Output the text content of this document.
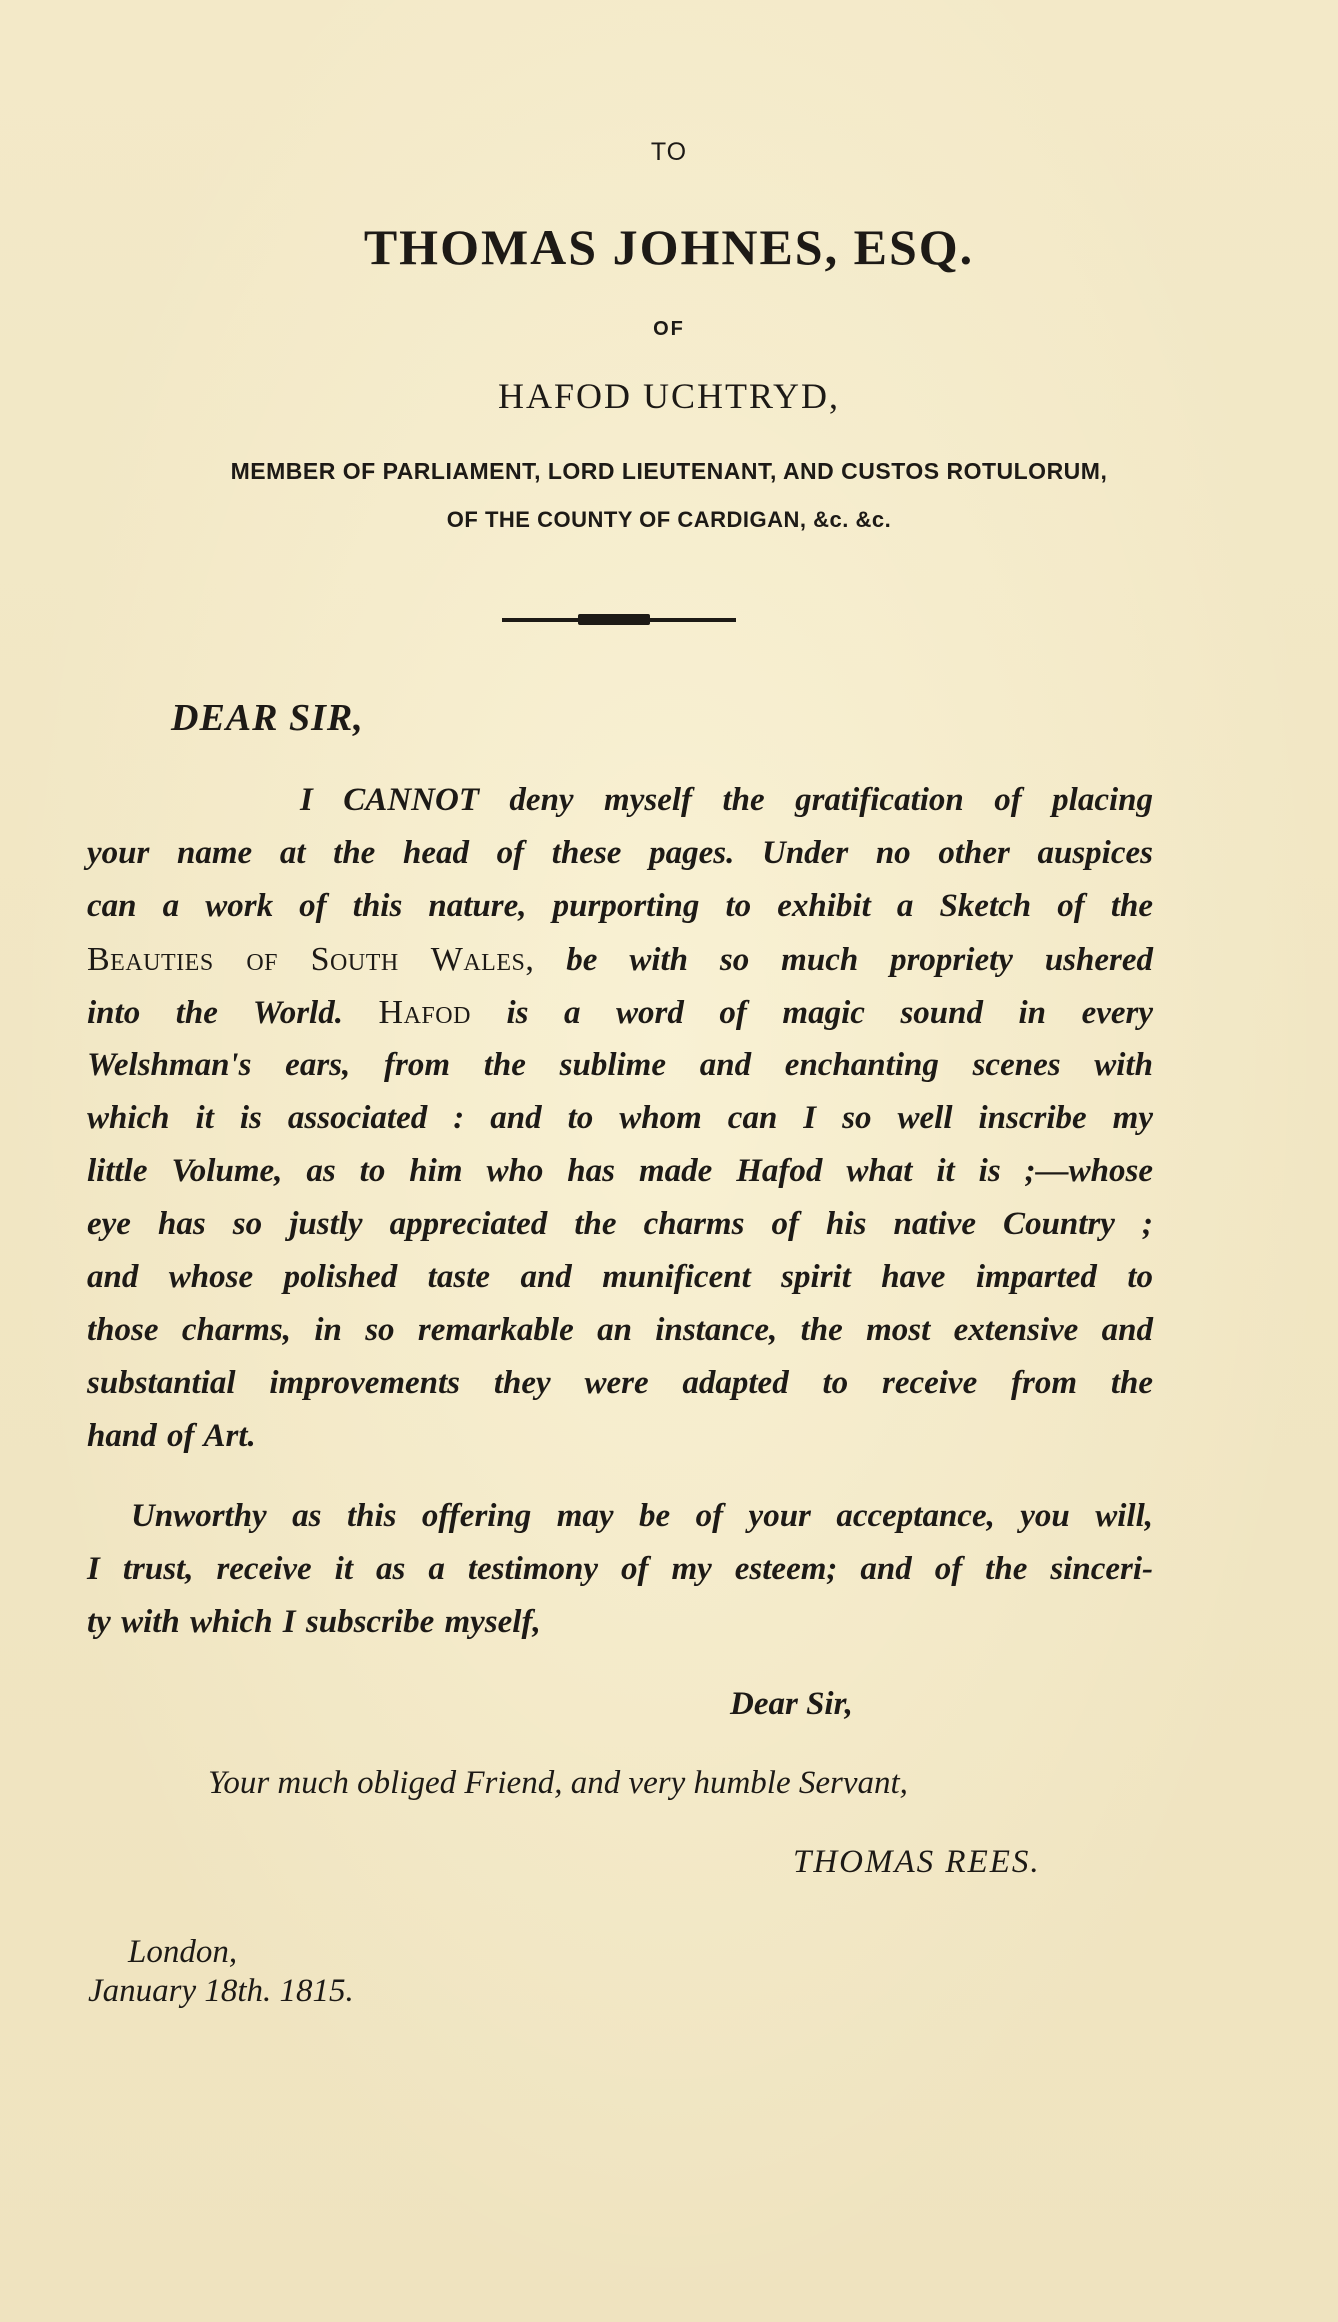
TO
THOMAS JOHNES, ESQ.
OF
HAFOD UCHTRYD,
MEMBER OF PARLIAMENT, LORD LIEUTENANT, AND CUSTOS ROTULORUM,
OF THE COUNTY OF CARDIGAN, &c. &c.
DEAR SIR,
I CANNOT deny myself the gratification of placing
your name at the head of these pages. Under no other auspices
can a work of this nature, purporting to exhibit a Sketch of the
Beauties of South Wales, be with so much propriety ushered
into the World. Hafod is a word of magic sound in every
Welshman's ears, from the sublime and enchanting scenes with
which it is associated : and to whom can I so well inscribe my
little Volume, as to him who has made Hafod what it is ;—whose
eye has so justly appreciated the charms of his native Country ;
and whose polished taste and munificent spirit have imparted to
those charms, in so remarkable an instance, the most extensive and
substantial improvements they were adapted to receive from the
hand of Art.
Unworthy as this offering may be of your acceptance, you will,
I trust, receive it as a testimony of my esteem; and of the sinceri-
ty with which I subscribe myself,
Dear Sir,
Your much obliged Friend, and very humble Servant,
THOMAS REES.
London,
January 18th. 1815.
